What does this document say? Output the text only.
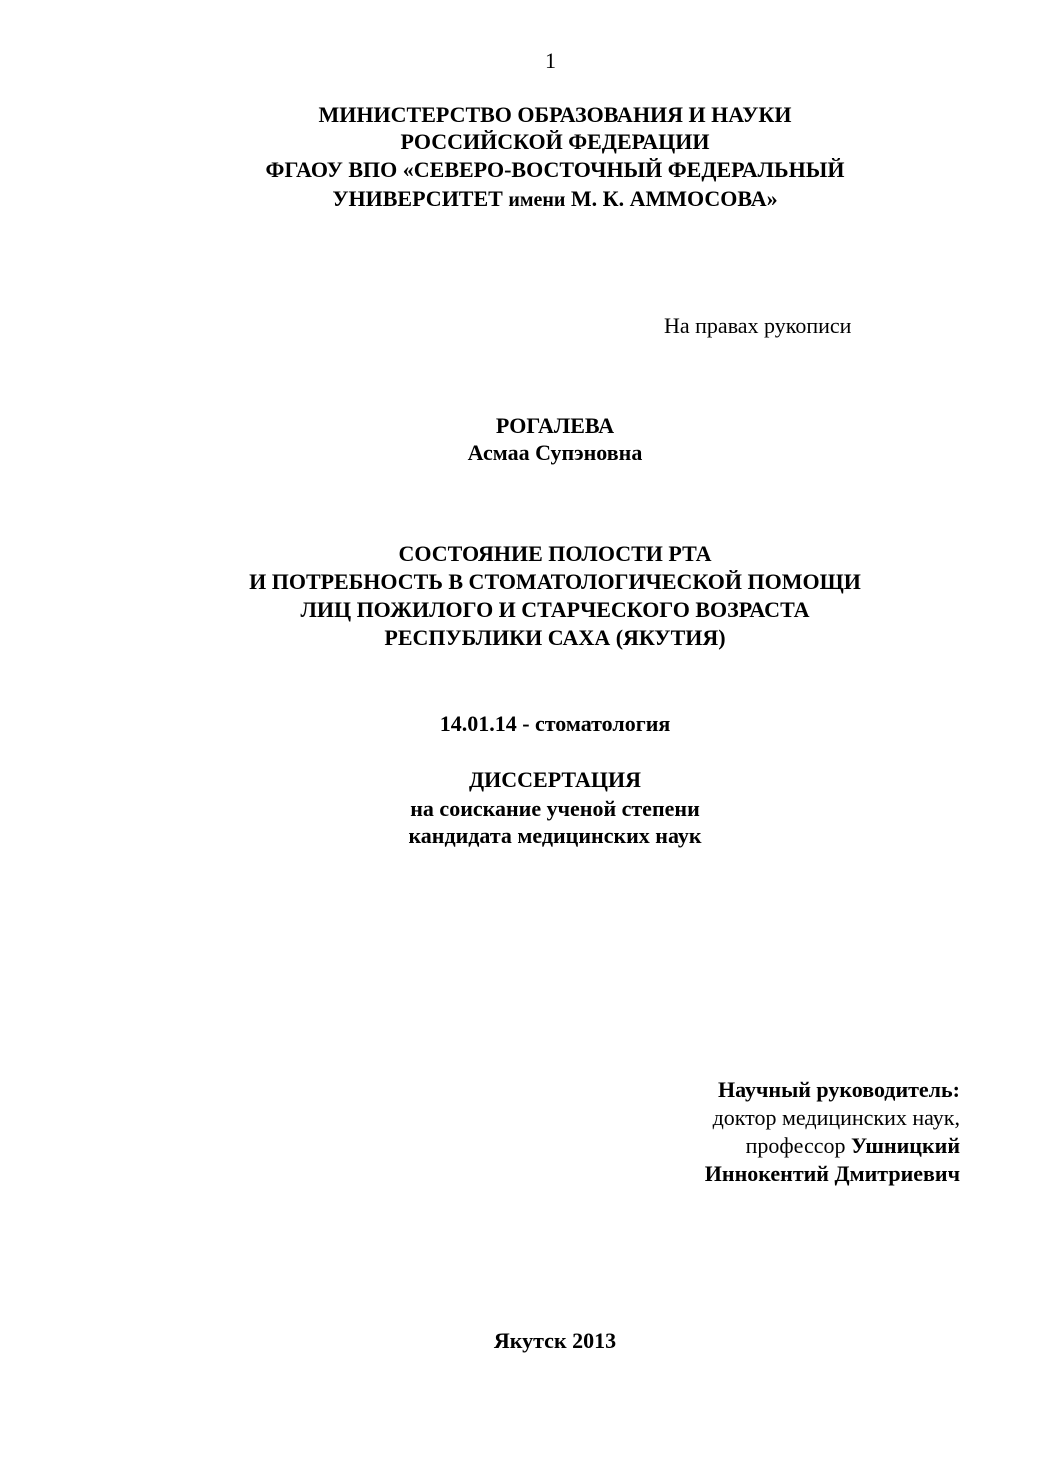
1
МИНИСТЕРСТВО ОБРАЗОВАНИЯ И НАУКИ
РОССИЙСКОЙ ФЕДЕРАЦИИ
ФГАОУ ВПО «СЕВЕРО-ВОСТОЧНЫЙ ФЕДЕРАЛЬНЫЙ
УНИВЕРСИТЕТ имени М. К. АММОСОВА»
На правах рукописи
РОГАЛЕВА
Асмаа Супэновна
СОСТОЯНИЕ ПОЛОСТИ РТА
И ПОТРЕБНОСТЬ В СТОМАТОЛОГИЧЕСКОЙ ПОМОЩИ
ЛИЦ ПОЖИЛОГО И СТАРЧЕСКОГО ВОЗРАСТА
РЕСПУБЛИКИ САХА (ЯКУТИЯ)
14.01.14 - стоматология
ДИССЕРТАЦИЯ
на соискание ученой степени
кандидата медицинских наук
Научный руководитель:
доктор медицинских наук,
профессор Ушницкий
Иннокентий Дмитриевич
Якутск 2013
